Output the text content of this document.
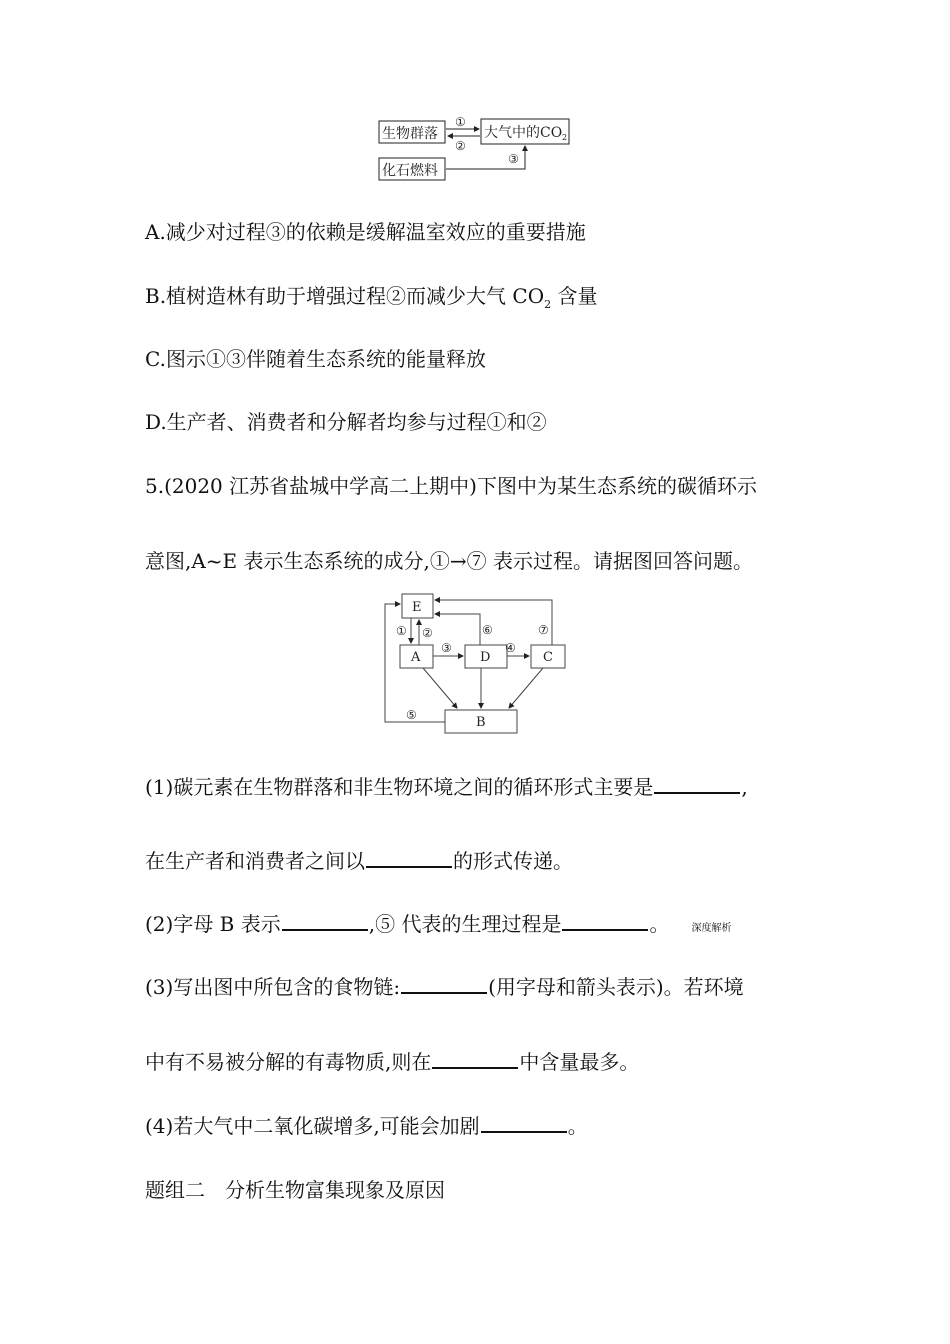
生物群落	大气中的CO 2
化石燃料
①
②
③
E
A	D	C
B
① ②
③	④
⑤
⑥	⑦
A.减少对过程③的依赖是缓解温室效应的重要措施
B.植树造林有助于增强过程②而减少大气 $CO_2$ 含量
C.图示①③伴随着生态系统的能量释放
D.生产者、消费者和分解者均参与过程①和②
5.(2020 江苏省盐城中学高二上期中)下图中为某生态系统的碳循环示
意图,A~E 表示生态系统的成分,①→⑦ 表示过程。请据图回答问题。
(1)碳元素在生物群落和非生物环境之间的循环形式主要是	,
在生产者和消费者之间以	的形式传递。
(2)字母 B 表示	,⑤ 代表的生理过程是	。 深度解析
(3)写出图中所包含的食物链:	(用字母和箭头表示)。若环境
中有不易被分解的有毒物质,则在	中含量最多。
(4)若大气中二氧化碳增多,可能会加剧	。
题组二　分析生物富集现象及原因
